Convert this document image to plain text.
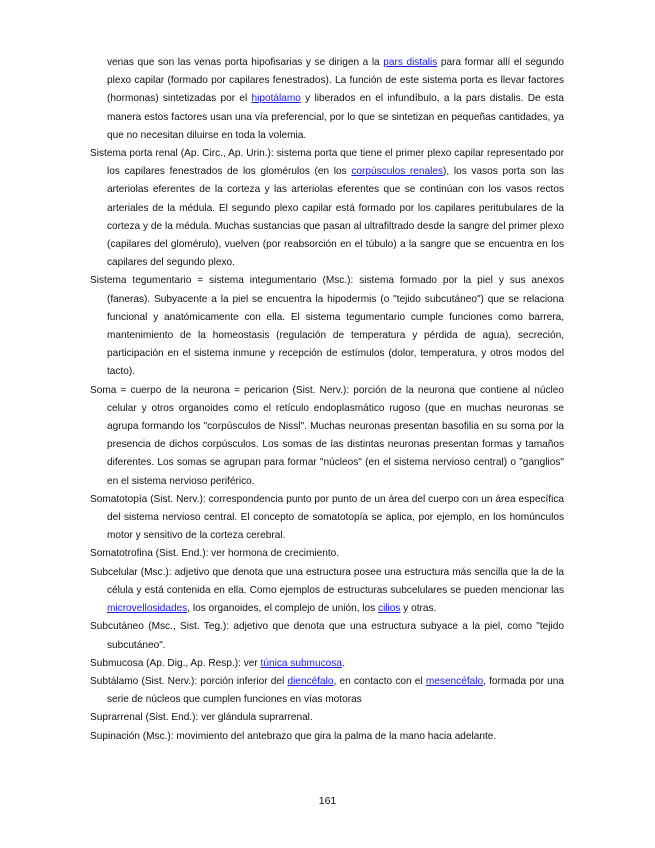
venas que son las venas porta hipofisarias y se dirigen a la pars distalis para formar allí el segundo plexo capilar (formado por capilares fenestrados). La función de este sistema porta es llevar factores (hormonas) sintetizadas por el hipotálamo y liberados en el infundíbulo, a la pars distalis. De esta manera estos factores usan una vía preferencial, por lo que se sintetizan en pequeñas cantidades, ya que no necesitan diluirse en toda la volemia.

Sistema porta renal (Ap. Circ., Ap. Urin.): sistema porta que tiene el primer plexo capilar representado por los capilares fenestrados de los glomérulos (en los corpúsculos renales), los vasos porta son las arteriolas eferentes de la corteza y las arteriolas eferentes que se continúan con los vasos rectos arteriales de la médula. El segundo plexo capilar está formado por los capilares peritubulares de la corteza y de la médula. Muchas sustancias que pasan al ultrafiltrado desde la sangre del primer plexo (capilares del glomérulo), vuelven (por reabsorción en el túbulo) a la sangre que se encuentra en los capilares del segundo plexo.

Sistema tegumentario = sistema integumentario (Msc.): sistema formado por la piel y sus anexos (faneras). Subyacente a la piel se encuentra la hipodermis (o "tejido subcutáneo") que se relaciona funcional y anatómicamente con ella. El sistema tegumentario cumple funciones como barrera, mantenimiento de la homeostasis (regulación de temperatura y pérdida de agua), secreción, participación en el sistema inmune y recepción de estímulos (dolor, temperatura, y otros modos del tacto).

Soma = cuerpo de la neurona = pericarion (Sist. Nerv.): porción de la neurona que contiene al núcleo celular y otros organoides como el retículo endoplasmático rugoso (que en muchas neuronas se agrupa formando los "corpúsculos de Nissl". Muchas neuronas presentan basofilia en su soma por la presencia de dichos corpúsculos. Los somas de las distintas neuronas presentan formas y tamaños diferentes. Los somas se agrupan para formar "núcleos" (en el sistema nervioso central) o "ganglios" en el sistema nervioso periférico.

Somatotopía (Sist. Nerv.): correspondencia punto por punto de un área del cuerpo con un área específica del sistema nervioso central. El concepto de somatotopía se aplica, por ejemplo, en los homúnculos motor y sensitivo de la corteza cerebral.

Somatotrofina (Sist. End.): ver hormona de crecimiento.

Subcelular (Msc.): adjetivo que denota que una estructura posee una estructura más sencilla que la de la célula y está contenida en ella. Como ejemplos de estructuras subcelulares se pueden mencionar las microvellosidades, los organoides, el complejo de unión, los cilios y otras.

Subcutáneo (Msc., Sist. Teg.): adjetivo que denota que una estructura subyace a la piel, como "tejido subcutáneo".

Submucosa (Ap. Dig., Ap. Resp.): ver túnica submucosa.

Subtálamo (Sist. Nerv.): porción inferior del diencéfalo, en contacto con el mesencéfalo, formada por una serie de núcleos que cumplen funciones en vías motoras

Suprarrenal (Sist. End.): ver glándula suprarrenal.

Supinación (Msc.): movimiento del antebrazo que gira la palma de la mano hacia adelante.

161
